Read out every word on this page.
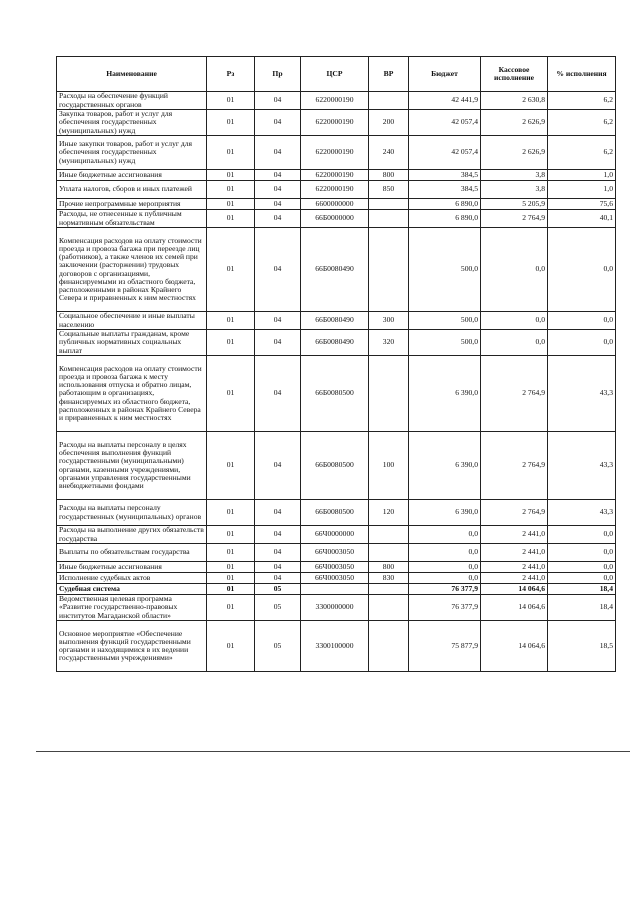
Наименование	Рз	Пр	ЦСР	ВР	Бюджет	Кассовое исполнение	% исполнения
Расходы на обеспечение функций государственных органов	01	04	6220000190		42 441,9	2 630,8	6,2
Закупка товаров, работ и услуг для обеспечения государственных (муниципальных) нужд	01	04	6220000190	200	42 057,4	2 626,9	6,2
Иные закупки товаров, работ и услуг для обеспечения государственных (муниципальных) нужд	01	04	6220000190	240	42 057,4	2 626,9	6,2
Иные бюджетные ассигнования	01	04	6220000190	800	384,5	3,8	1,0
Уплата налогов, сборов и иных платежей	01	04	6220000190	850	384,5	3,8	1,0
Прочие непрограммные мероприятия	01	04	6600000000		6 890,0	5 205,9	75,6
Расходы, не отнесенные к публичным нормативным обязательствам	01	04	66Б0000000		6 890,0	2 764,9	40,1
Компенсация расходов на оплату стоимости проезда и провоза багажа при переезде лиц (работников), а также членов их семей при заключении (расторжении) трудовых договоров с организациями, финансируемыми из областного бюджета, расположенными в районах Крайнего Севера и приравненных к ним местностях	01	04	66Б0080490		500,0	0,0	0,0
Социальное обеспечение и иные выплаты населению	01	04	66Б0080490	300	500,0	0,0	0,0
Социальные выплаты гражданам, кроме публичных нормативных социальных выплат	01	04	66Б0080490	320	500,0	0,0	0,0
Компенсация расходов на оплату стоимости проезда и провоза багажа к месту использования отпуска и обратно лицам, работающим в организациях, финансируемых из областного бюджета, расположенных в районах Крайнего Севера и приравненных к ним местностях	01	04	66Б0080500		6 390,0	2 764,9	43,3
Расходы на выплаты персоналу в целях обеспечения выполнения функций государственными (муниципальными) органами, казенными учреждениями, органами управления государственными внебюджетными фондами	01	04	66Б0080500	100	6 390,0	2 764,9	43,3
Расходы на выплаты персоналу государственных (муниципальных) органов	01	04	66Б0080500	120	6 390,0	2 764,9	43,3
Расходы на выполнение других обязательств государства	01	04	66Ч0000000		0,0	2 441,0	0,0
Выплаты по обязательствам государства	01	04	66Ч0003050		0,0	2 441,0	0,0
Иные бюджетные ассигнования	01	04	66Ч0003050	800	0,0	2 441,0	0,0
Исполнение судебных актов	01	04	66Ч0003050	830	0,0	2 441,0	0,0
Судебная система	01	05			76 377,9	14 064,6	18,4
Ведомственная целевая программа «Развитие государственно-правовых институтов Магаданской области»	01	05	3300000000		76 377,9	14 064,6	18,4
Основное мероприятие «Обеспечение выполнения функций государственными органами и находящимися в их ведении государственными учреждениями»	01	05	3300100000		75 877,9	14 064,6	18,5
